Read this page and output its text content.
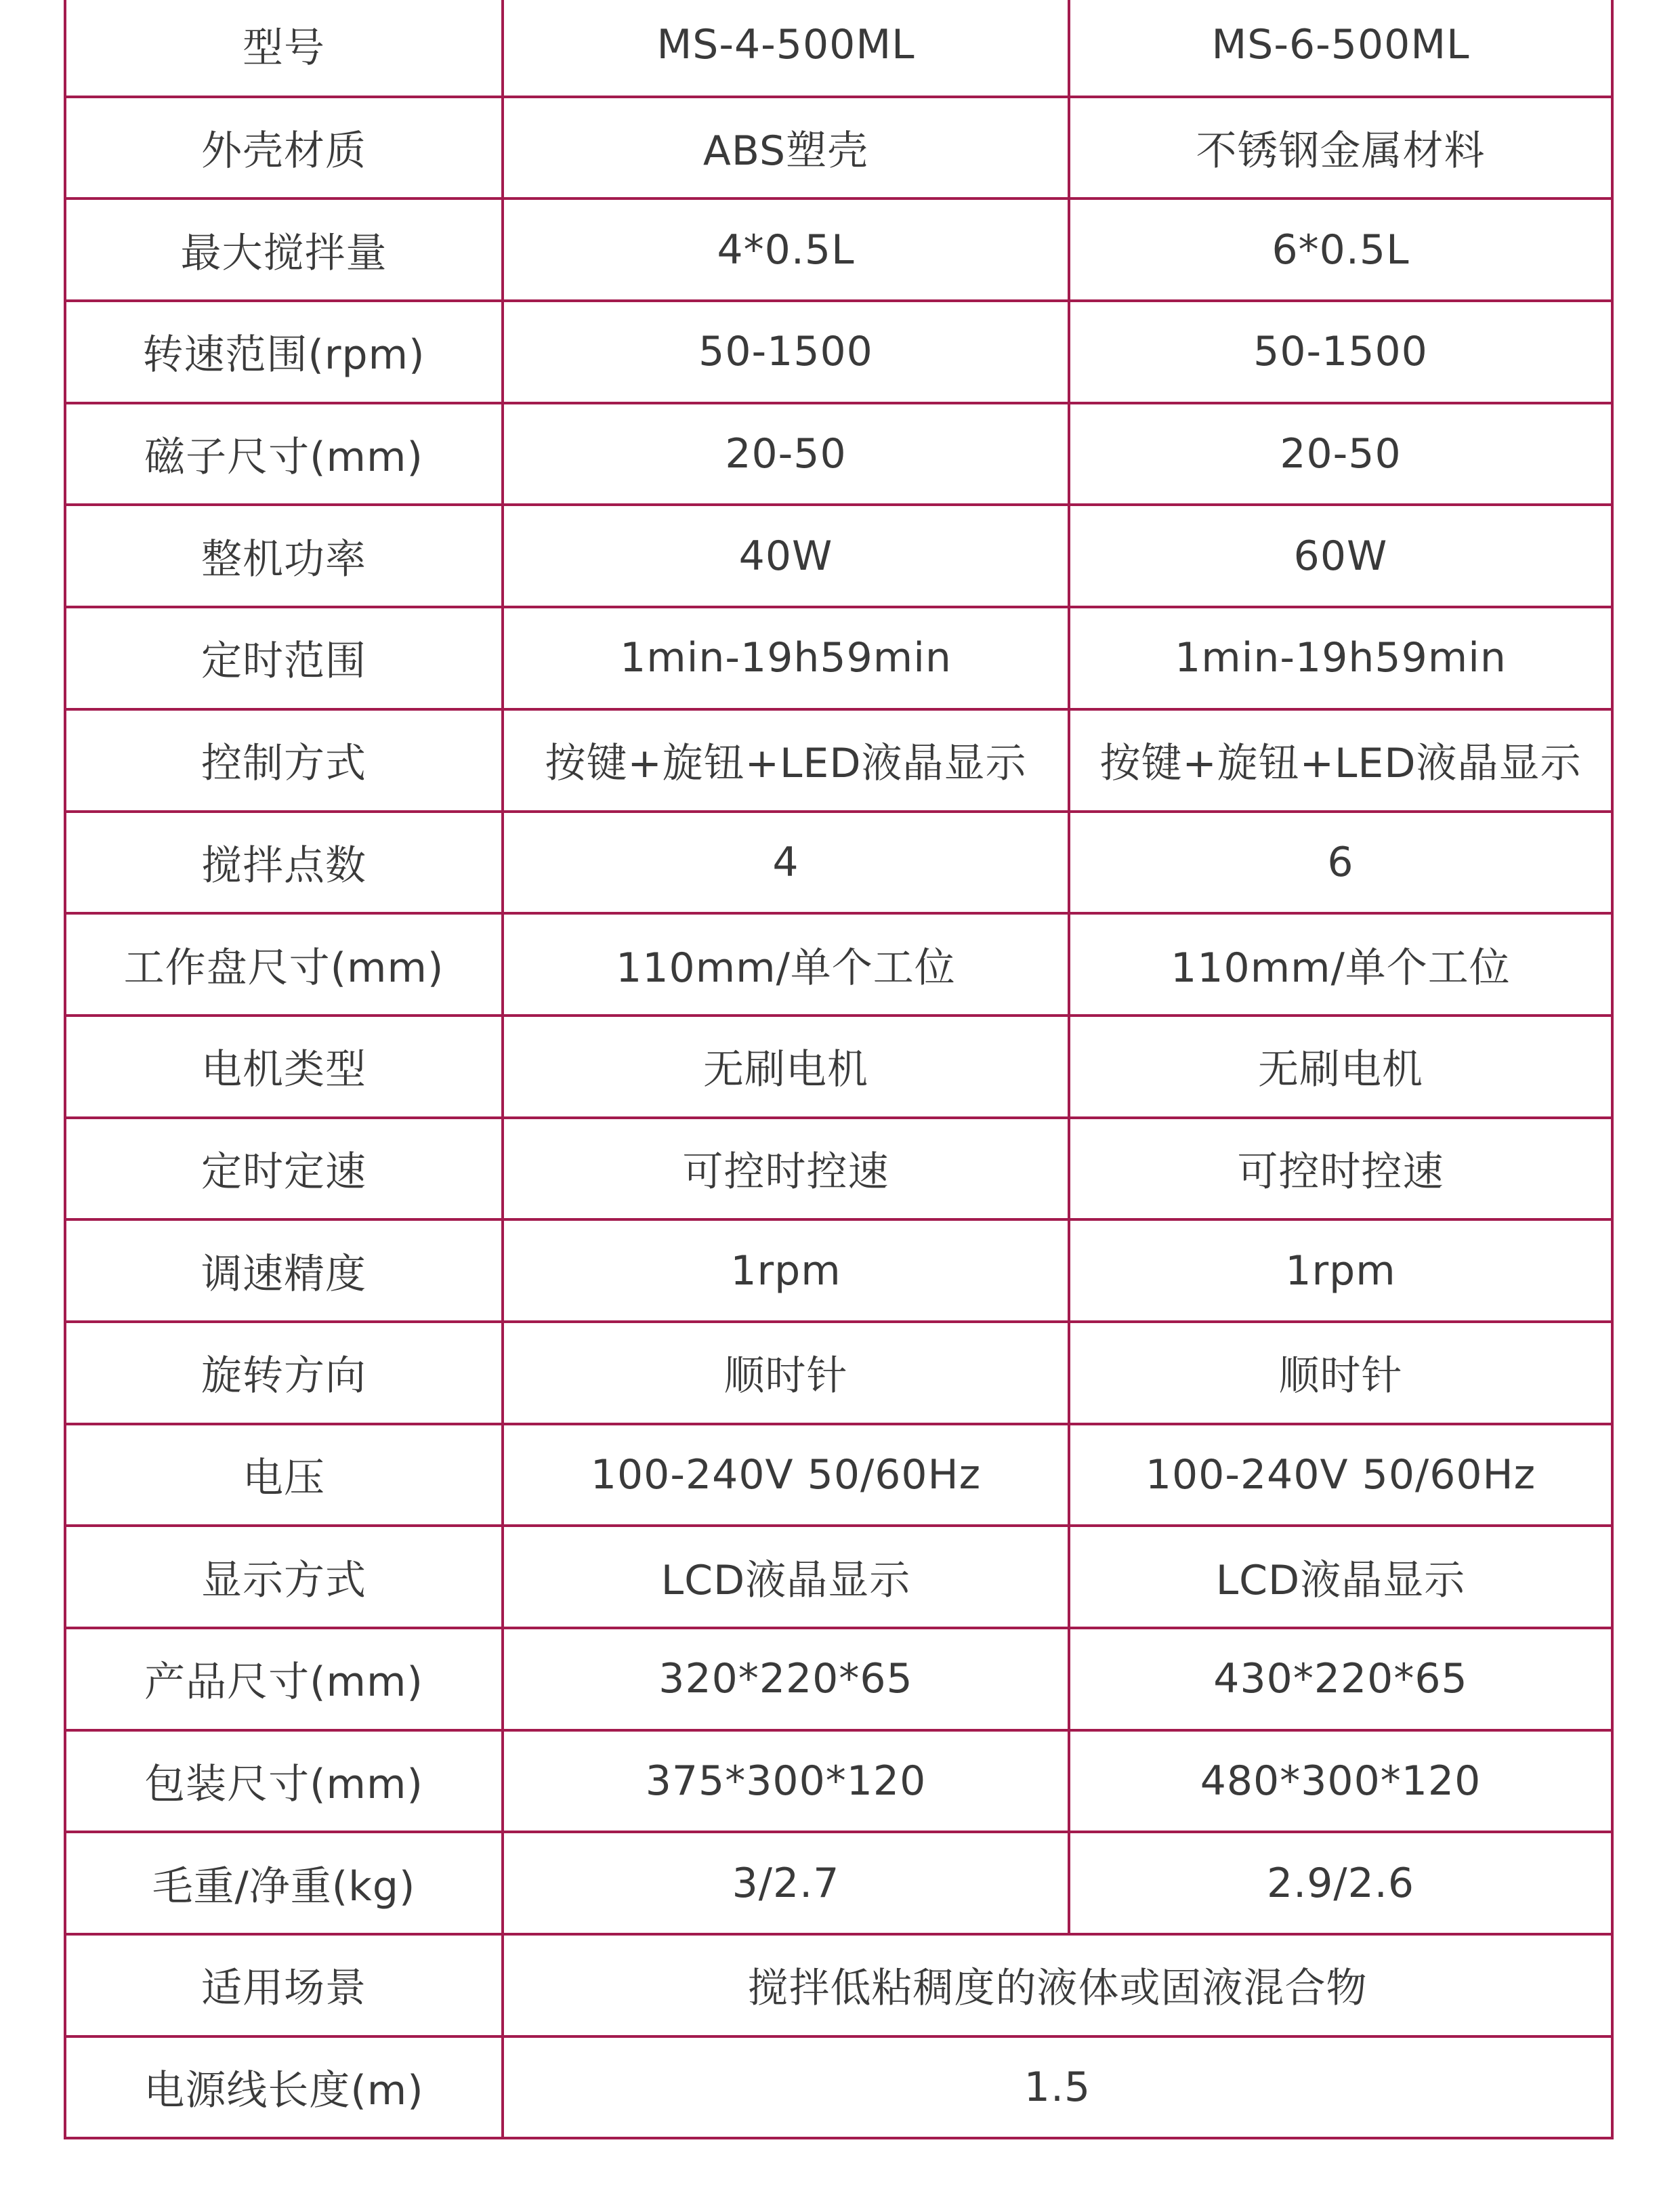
型号	MS-4-500ML	MS-6-500ML
外壳材质	ABS塑壳	不锈钢金属材料
最大搅拌量	4*0.5L	6*0.5L
转速范围(rpm)	50-1500	50-1500
磁子尺寸(mm)	20-50	20-50
整机功率	40W	60W
定时范围	1min-19h59min	1min-19h59min
控制方式	按键+旋钮+LED液晶显示	按键+旋钮+LED液晶显示
搅拌点数	4	6
工作盘尺寸(mm)	110mm/单个工位	110mm/单个工位
电机类型	无刷电机	无刷电机
定时定速	可控时控速	可控时控速
调速精度	1rpm	1rpm
旋转方向	顺时针	顺时针
电压	100-240V 50/60Hz	100-240V 50/60Hz
显示方式	LCD液晶显示	LCD液晶显示
产品尺寸(mm)	320*220*65	430*220*65
包装尺寸(mm)	375*300*120	480*300*120
毛重/净重(kg)	3/2.7	2.9/2.6
适用场景	搅拌低粘稠度的液体或固液混合物	
电源线长度(m)	1.5	
